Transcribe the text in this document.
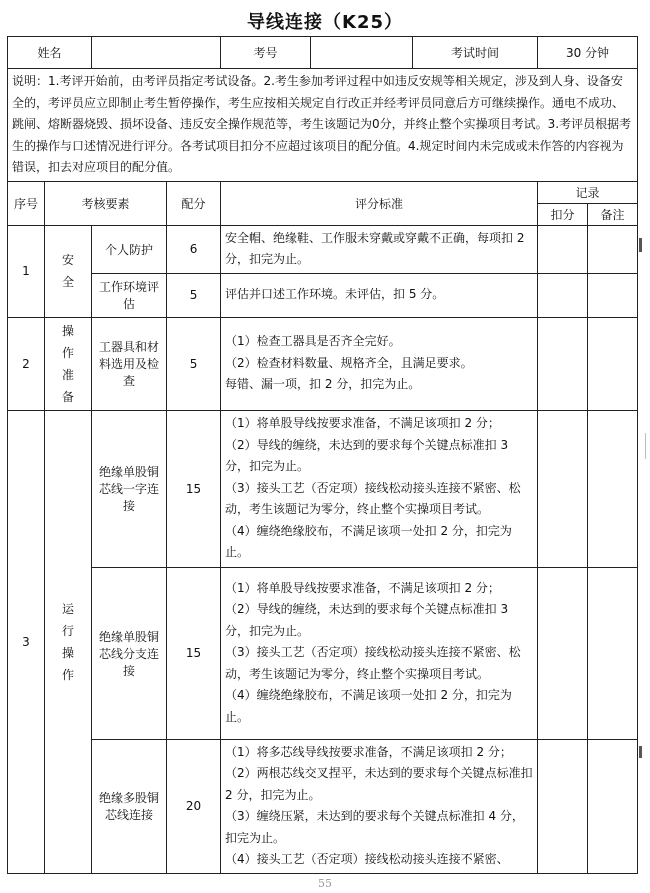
导线连接（K25）
姓名				考号		考试时间	30 分钟	
说明：1.考评开始前，由考评员指定考试设备。2.考生参加考评过程中如违反安规等相关规定，涉及到人身、设备安全的，考评员应立即制止考生暂停操作，考生应按相关规定自行改正并经考评员同意后方可继续操作。通电不成功、跳闸、熔断器烧毁、损坏设备、违反安全操作规范等，考生该题记为0分，并终止整个实操项目考试。3.考评员根据考生的操作与口述情况进行评分。各考试项目扣分不应超过该项目的配分值。4.规定时间内未完成或未作答的内容视为错误，扣去对应项目的配分值。								
序号	考核要素		配分	评分标准			记录	
							扣分	备注
1	安全	个人防护	6	安全帽、绝缘鞋、工作服未穿戴或穿戴不正确，每项扣 2 分，扣完为止。				

		工作环境评估	5	评估并口述工作环境。未评估，扣 5 分。				

2	操作准备	工器具和材料选用及检查	5	（1）检查工器具是否齐全完好。
（2）检查材料数量、规格齐全，且满足要求。
每错、漏一项，扣 2 分，扣完为止。				

3	运行操作	绝缘单股铜芯线一字连接	15	（1）将单股导线按要求准备，不满足该项扣 2 分；
（2）导线的缠绕，未达到的要求每个关键点标准扣 3 分，扣完为止。
（3）接头工艺（否定项）接线松动接头连接不紧密、松动，考生该题记为零分，终止整个实操项目考试。
（4）缠绕绝缘胶布，不满足该项一处扣 2 分，扣完为止。				

		绝缘单股铜芯线分支连接	15	（1）将单股导线按要求准备，不满足该项扣 2 分；
（2）导线的缠绕，未达到的要求每个关键点标准扣 3 分，扣完为止。
（3）接头工艺（否定项）接线松动接头连接不紧密、松动，考生该题记为零分，终止整个实操项目考试。
（4）缠绕绝缘胶布，不满足该项一处扣 2 分，扣完为止。				

		绝缘多股铜芯线连接	20	（1）将多芯线导线按要求准备，不满足该项扣 2 分；
（2）两根芯线交叉捏平，未达到的要求每个关键点标准扣 2 分，扣完为止。
（3）缠绕压紧，未达到的要求每个关键点标准扣 4 分，扣完为止。
（4）接头工艺（否定项）接线松动接头连接不紧密、				

55
